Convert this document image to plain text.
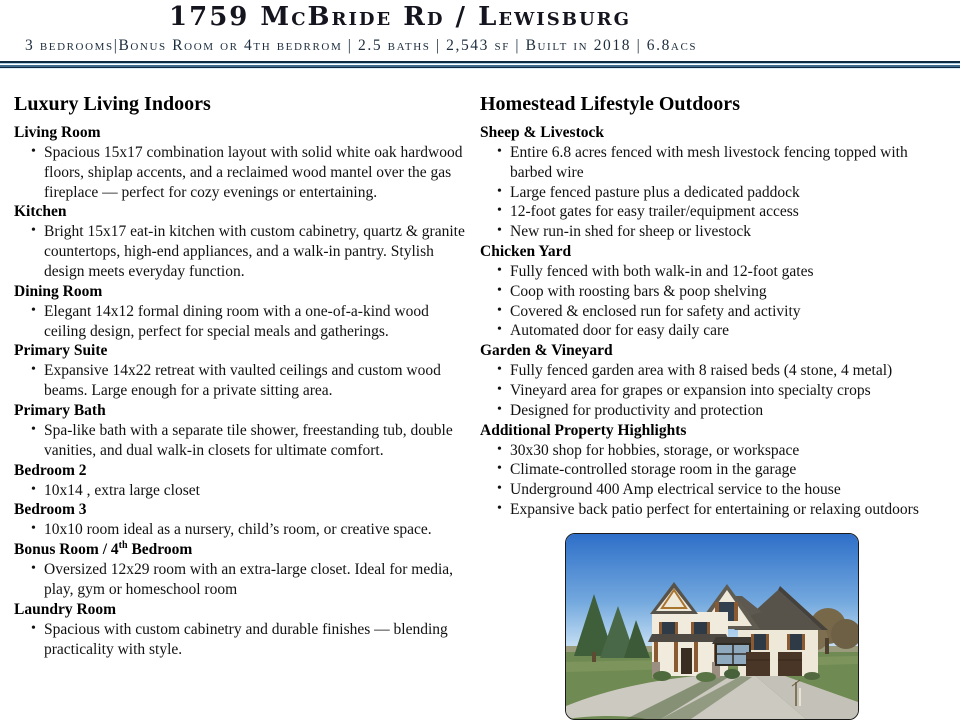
1759 McBride Rd / Lewisburg
3 bedrooms|Bonus Room or 4th bedrrom | 2.5 baths | 2,543 sf | Built in 2018 | 6.8acs
Luxury Living Indoors
Living Room
• Spacious 15x17 combination layout with solid white oak hardwood floors, shiplap accents, and a reclaimed wood mantel over the gas fireplace — perfect for cozy evenings or entertaining.
Kitchen
• Bright 15x17 eat-in kitchen with custom cabinetry, quartz & granite countertops, high-end appliances, and a walk-in pantry. Stylish design meets everyday function.
Dining Room
• Elegant 14x12 formal dining room with a one-of-a-kind wood ceiling design, perfect for special meals and gatherings.
Primary Suite
• Expansive 14x22 retreat with vaulted ceilings and custom wood beams. Large enough for a private sitting area.
Primary Bath
• Spa-like bath with a separate tile shower, freestanding tub, double vanities, and dual walk-in closets for ultimate comfort.
Bedroom 2
• 10x14 , extra large closet
Bedroom 3
• 10x10 room ideal as a nursery, child’s room, or creative space.
Bonus Room / 4th Bedroom
• Oversized 12x29 room with an extra-large closet. Ideal for media, play, gym or homeschool room
Laundry Room
• Spacious with custom cabinetry and durable finishes — blending practicality with style.
Homestead Lifestyle Outdoors
Sheep & Livestock
• Entire 6.8 acres fenced with mesh livestock fencing topped with barbed wire
• Large fenced pasture plus a dedicated paddock
• 12-foot gates for easy trailer/equipment access
• New run-in shed for sheep or livestock
Chicken Yard
• Fully fenced with both walk-in and 12-foot gates
• Coop with roosting bars & poop shelving
• Covered & enclosed run for safety and activity
• Automated door for easy daily care
Garden & Vineyard
• Fully fenced garden area with 8 raised beds (4 stone, 4 metal)
• Vineyard area for grapes or expansion into specialty crops
• Designed for productivity and protection
Additional Property Highlights
• 30x30 shop for hobbies, storage, or workspace
• Climate-controlled storage room in the garage
• Underground 400 Amp electrical service to the house
• Expansive back patio perfect for entertaining or relaxing outdoors
